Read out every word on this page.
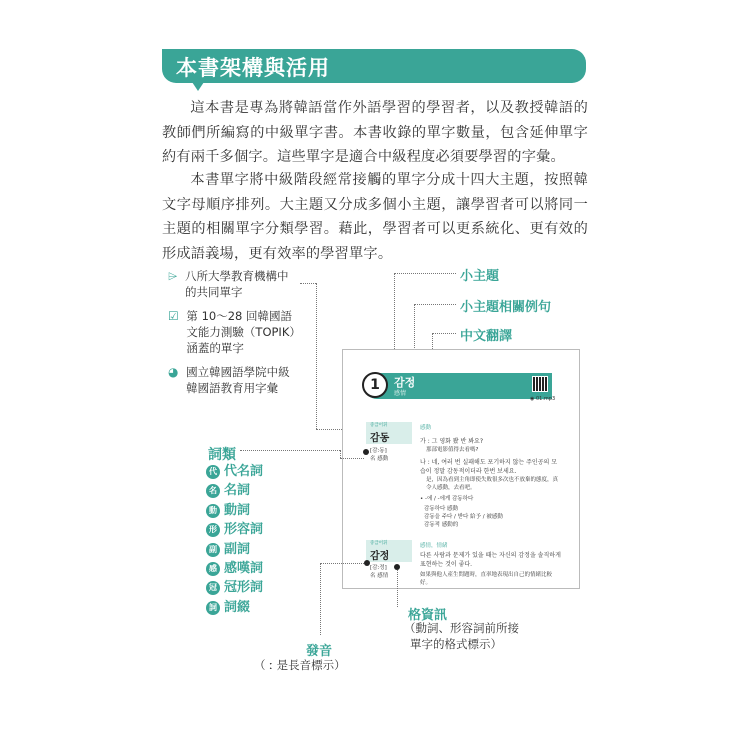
本書架構與活用

這本書是專為將韓語當作外語學習的學習者，以及教授韓語的教師們所編寫的中級單字書。本書收錄的單字數量，包含延伸單字約有兩千多個字。這些單字是適合中級程度必須要學習的字彙。

本書單字將中級階段經常接觸的單字分成十四大主題，按照韓文字母順序排列。大主題又分成多個小主題，讓學習者可以將同一主題的相關單字分類學習。藉此，學習者可以更系統化、更有效的形成語義場，更有效率的學習單字。

⌲ 八所大學教育機構中的共同單字
☑ 第 10～28 回韓國語文能力測驗（TOPIK）涵蓋的單字
◕ 國立韓國語學院中級韓國語教育用字彙
小主題
小主題相關例句
中文翻譯
1	감정
感情
◉ 01.mp3
중급어휘
감동
[감ː동]
名 感動
感動
가 : 그 영화 봤 반 봐요?
那部電影值得去看嗎?
나 : 네, 여러 번 실패해도 포기하지 않는 주인공의 모습이 정말 감동적이더라 한번 보세요.
是，因為看到主角即使失敗很多次也不放棄的態度，真令人感動，去看吧。
• -에 / -에게 감동하다
감동하다 感動
감동을 주다 / 받다 給予 / 被感動
감동적 感動的
중급어휘
감정
[감ː정]
名 感情
感情，情緒
다른 사람과 문제가 있을 때는 자신의 감정을 솔직하게 표현하는 것이 좋다.
如果與他人產生問題時，直率地表現出自己的情緒比較好。
詞類
代 代名詞
名 名詞
動 動詞
形 形容詞
副 副詞
感 感嘆詞
冠 冠形詞
詞 詞綴
格資訊
（動詞、形容詞前所接
單字的格式標示）
發音
（ ː 是長音標示）
